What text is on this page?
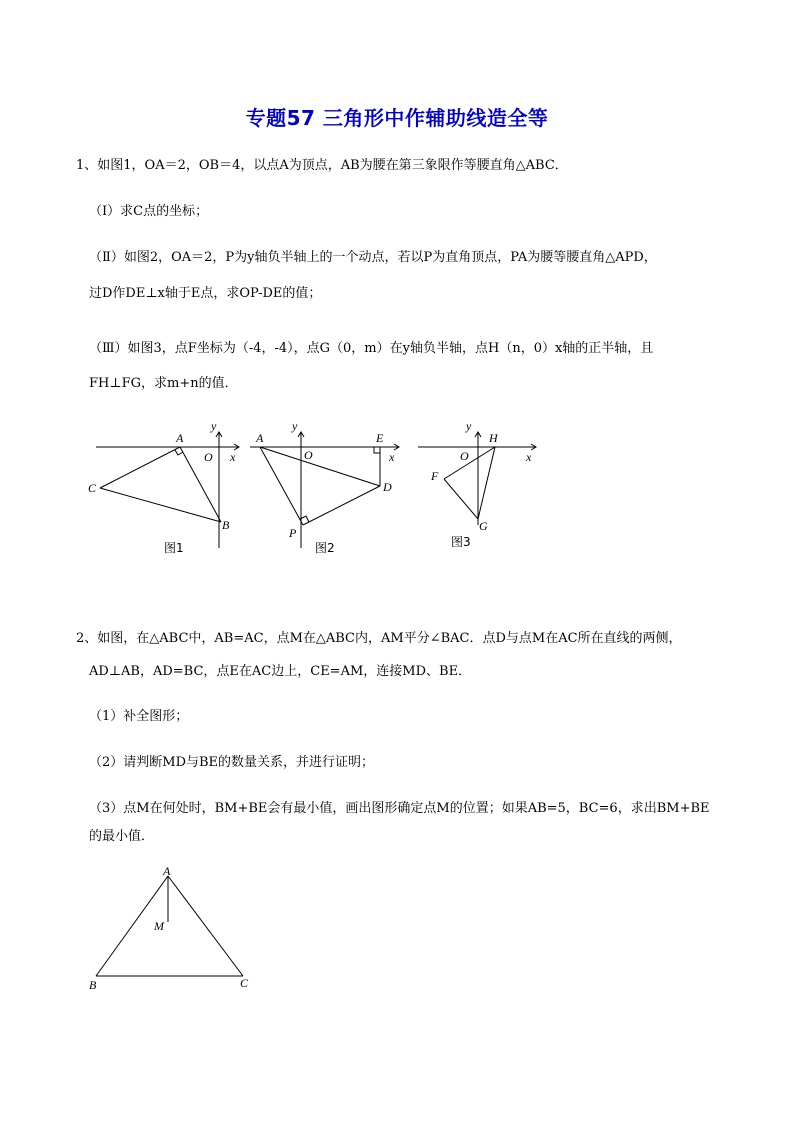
专题57 三角形中作辅助线造全等
1、如图1，OA＝2，OB＝4，以点A为顶点，AB为腰在第三象限作等腰直角△ABC．
（Ⅰ）求C点的坐标；
（Ⅱ）如图2，OA＝2，P为y轴负半轴上的一个动点，若以P为直角顶点，PA为腰等腰直角△APD，
过D作DE⊥x轴于E点，求OP-DE的值；
（Ⅲ）如图3，点F坐标为（-4，-4），点G（0，m）在y轴负半轴，点H（n，0）x轴的正半轴，且
FH⊥FG，求m+n的值．
y
A
O x
C
B
图1
y
A
O
E
x
D
P
图2
y
O
H
x
F
G
图3
2、如图，在△ABC中，AB=AC，点M在△ABC内，AM平分∠BAC．点D与点M在AC所在直线的两侧，
AD⊥AB，AD=BC，点E在AC边上，CE=AM，连接MD、BE．
（1）补全图形；
（2）请判断MD与BE的数量关系，并进行证明；
（3）点M在何处时，BM+BE会有最小值，画出图形确定点M的位置；如果AB=5，BC=6，求出BM+BE
的最小值．
A
M
B	C
